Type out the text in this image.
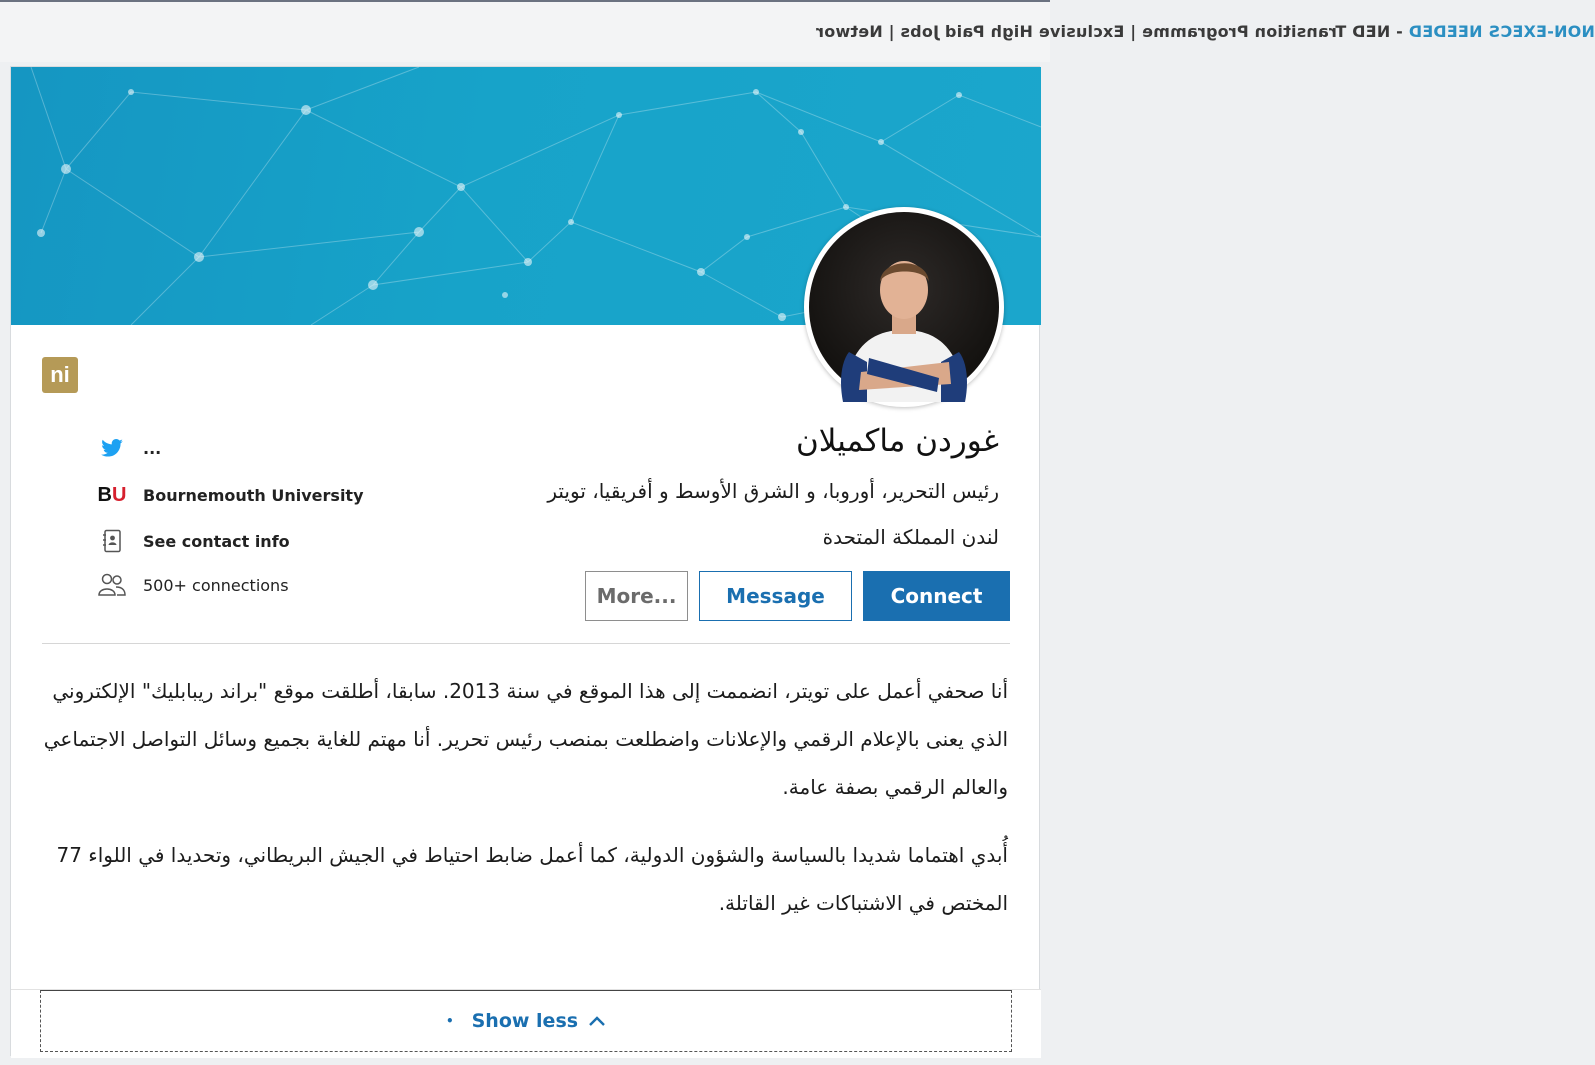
NON-EXECS NEEDED - NED Transition Programme | Exclusive High Paid Jobs | Networ
ni
...
BU Bournemouth University
See contact info
500+ connections
غوردن ماكميلان
رئيس التحرير، أوروبا، و الشرق الأوسط و أفريقيا، تويتر
لندن المملكة المتحدة
More...	Message	Connect
أنا صحفي أعمل على تويتر، انضممت إلى هذا الموقع في سنة 2013. سابقا، أطلقت موقع "براند ريبابليك" الإلكتروني الذي يعنى بالإعلام الرقمي والإعلانات واضطلعت بمنصب رئيس تحرير. أنا مهتم للغاية بجميع وسائل التواصل الاجتماعي والعالم الرقمي بصفة عامة.
أُبدي اهتماما شديدا بالسياسة والشؤون الدولية، كما أعمل ضابط احتياط في الجيش البريطاني، وتحديدا في اللواء 77 المختص في الاشتباكات غير القاتلة.
• Show less
